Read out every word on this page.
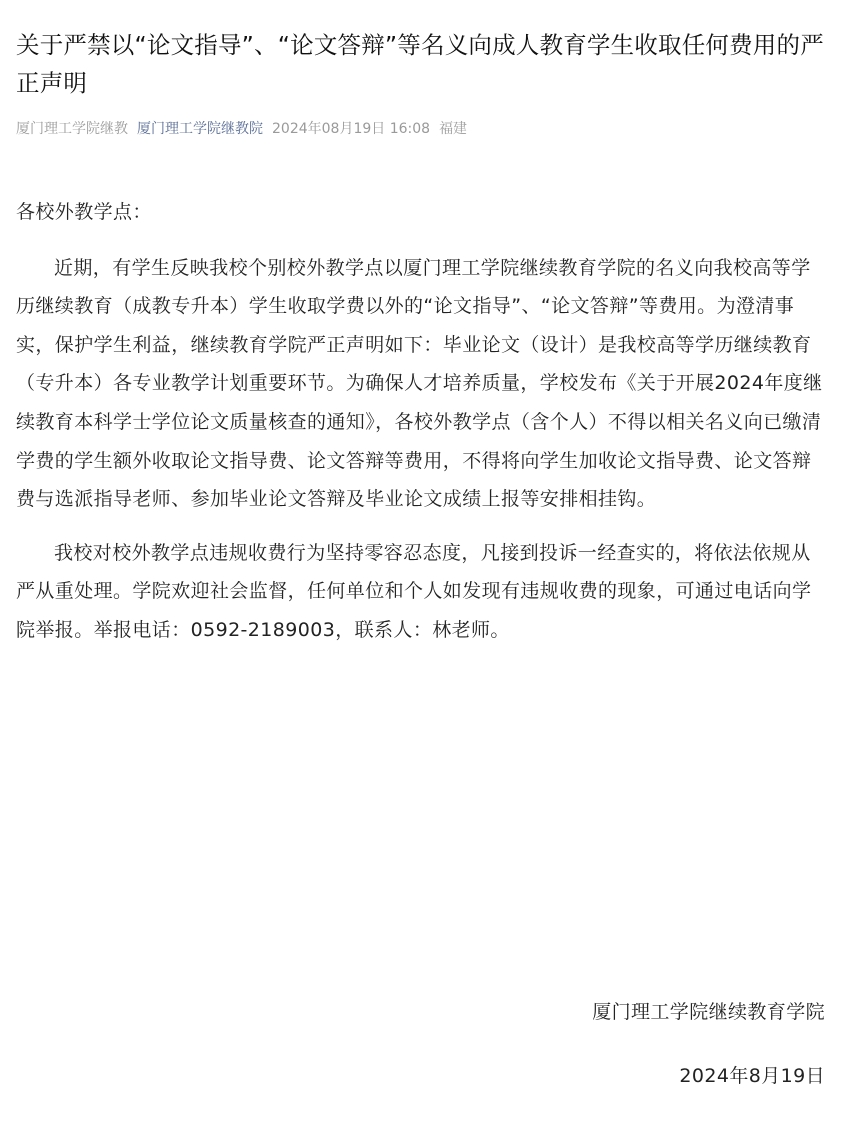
关于严禁以“论文指导”、“论文答辩”等名义向成人教育学生收取任何费用的严正声明
厦门理工学院继教 厦门理工学院继教院 2024年08月19日 16:08 福建

各校外教学点：

近期，有学生反映我校个别校外教学点以厦门理工学院继续教育学院的名义向我校高等学历继续教育（成教专升本）学生收取学费以外的“论文指导”、“论文答辩”等费用。为澄清事实，保护学生利益，继续教育学院严正声明如下：毕业论文（设计）是我校高等学历继续教育（专升本）各专业教学计划重要环节。为确保人才培养质量，学校发布《关于开展2024年度继续教育本科学士学位论文质量核查的通知》，各校外教学点（含个人）不得以相关名义向已缴清学费的学生额外收取论文指导费、论文答辩等费用，不得将向学生加收论文指导费、论文答辩费与选派指导老师、参加毕业论文答辩及毕业论文成绩上报等安排相挂钩。

我校对校外教学点违规收费行为坚持零容忍态度，凡接到投诉一经查实的，将依法依规从严从重处理。学院欢迎社会监督，任何单位和个人如发现有违规收费的现象，可通过电话向学院举报。举报电话：0592-2189003，联系人：林老师。

厦门理工学院继续教育学院
2024年8月19日
